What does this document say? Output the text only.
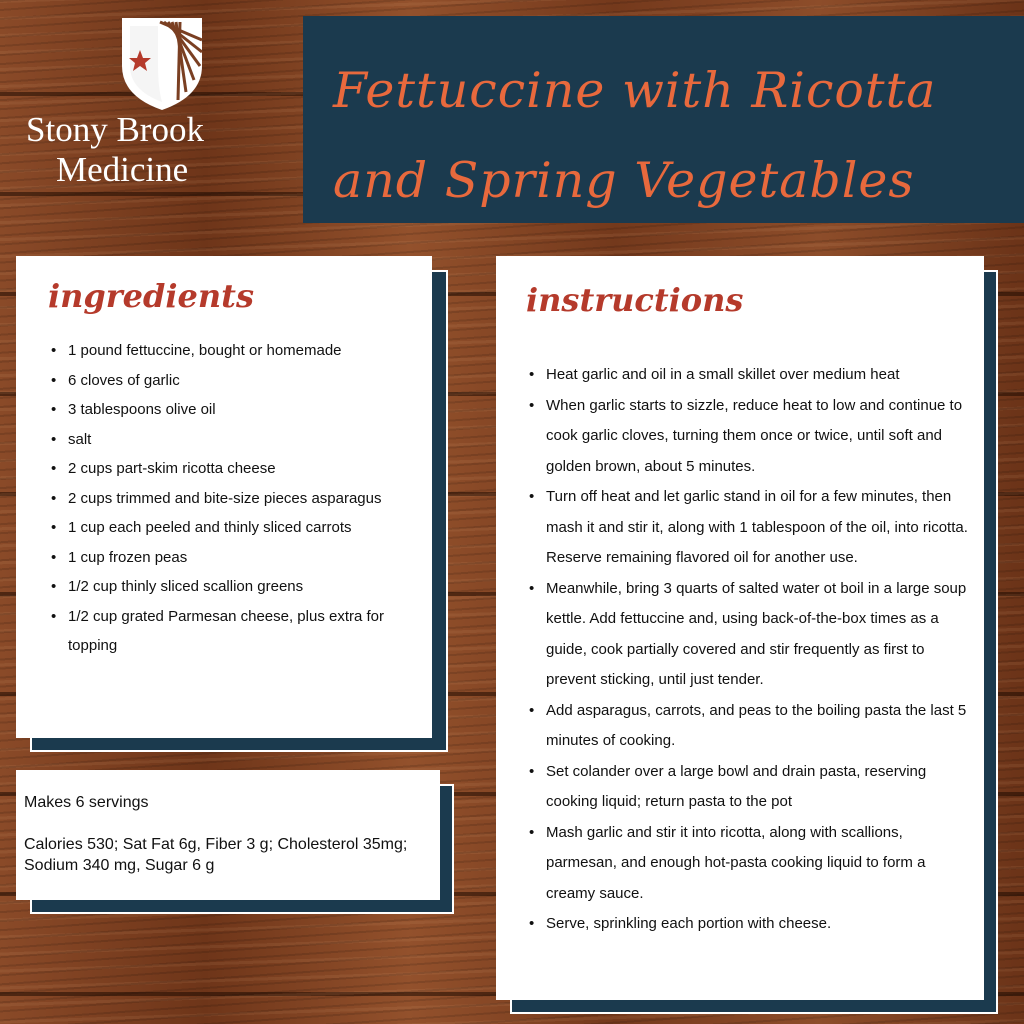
Stony Brook
Medicine
Fettuccine with Ricotta
and Spring Vegetables
ingredients
• 1 pound fettuccine, bought or homemade
• 6 cloves of garlic
• 3 tablespoons olive oil
• salt
• 2 cups part-skim ricotta cheese
• 2 cups trimmed and bite-size pieces asparagus
• 1 cup each peeled and thinly sliced carrots
• 1 cup frozen peas
• 1/2 cup thinly sliced scallion greens
• 1/2 cup grated Parmesan cheese, plus extra for topping

Makes 6 servings

Calories 530; Sat Fat 6g, Fiber 3 g; Cholesterol 35mg; Sodium 340 mg, Sugar 6 g

instructions
• Heat garlic and oil in a small skillet over medium heat
• When garlic starts to sizzle, reduce heat to low and continue to cook garlic cloves, turning them once or twice, until soft and golden brown, about 5 minutes.
• Turn off heat and let garlic stand in oil for a few minutes, then mash it and stir it, along with 1 tablespoon of the oil, into ricotta. Reserve remaining flavored oil for another use.
• Meanwhile, bring 3 quarts of salted water ot boil in a large soup kettle. Add fettuccine and, using back-of-the-box times as a guide, cook partially covered and stir frequently as first to prevent sticking, until just tender.
• Add asparagus, carrots, and peas to the boiling pasta the last 5 minutes of cooking.
• Set colander over a large bowl and drain pasta, reserving cooking liquid; return pasta to the pot
• Mash garlic and stir it into ricotta, along with scallions, parmesan, and enough hot-pasta cooking liquid to form a creamy sauce.
• Serve, sprinkling each portion with cheese.
